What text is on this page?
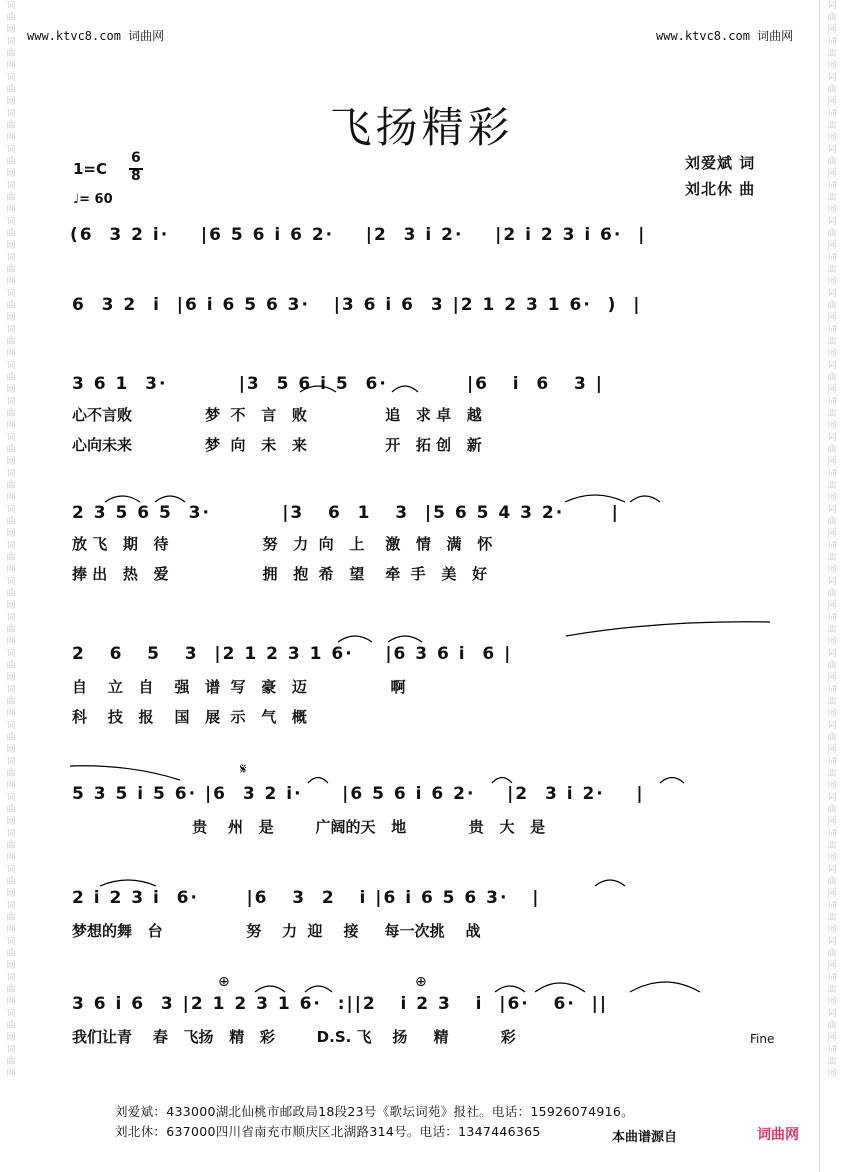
词曲网词曲网词曲网词曲网词曲网词曲网词曲网词曲网词曲网词曲网词曲网词曲网词曲网词曲网词曲网词曲网词曲网词曲网词曲网词曲网词曲网词曲网词曲网词曲网词曲网词曲网词曲网词曲网词曲网词曲网
词曲网词曲网词曲网词曲网词曲网词曲网词曲网词曲网词曲网词曲网词曲网词曲网词曲网词曲网词曲网词曲网词曲网词曲网词曲网词曲网词曲网词曲网词曲网词曲网词曲网词曲网词曲网词曲网词曲网词曲网
www.ktvc8.com 词曲网	www.ktvc8.com 词曲网
飞扬精彩
1=C
6
8
♩= 60
刘爱斌 词
刘北休 曲
(6  3 2 i·    |6 5 6 i 6 2·    |2  3 i 2·    |2 i 2 3 i 6·  |
6  3 2  i  |6 i 6 5 6 3·   |3 6 i 6  3 |2 1 2 3 1 6·  )  |
3 6 1  3·         |3  5 6 i 5  6·          |6   i  6   3 |
心不言败              梦  不   言   败               追   求 卓   越
心向未来              梦  向   未   来               开   拓 创   新
2 3 5 6 5  3·         |3   6  1   3  |5 6 5 4 3 2·      |
放 飞   期   待                  努   力  向   上    激   情   满   怀
捧 出   热   爱                  拥   抱  希   望    牵  手   美   好
2   6   5   3  |2 1 2 3 1 6·    |6 3 6 i  6 |
自    立   自    强   谱  写   豪   迈                啊
科    技   报    国   展  示   气   概
5 3 5 i 5 6· |6  3 2 i·     |6 5 6 i 6 2·    |2  3 i 2·    |
贵    州   是        广阔的天   地            贵   大   是
2 i 2 3 i  6·      |6   3  2   i |6 i 6 5 6 3·   |
梦想的舞   台                努    力  迎    接     每一次挑    战
3 6 i 6  3 |2 1 2 3 1 6·  :||2   i 2 3   i  |6·   6·  ||
我们让青    春   飞扬   精   彩        D.S. 飞    扬     精          彩	Fine
𝄋
⊕	⊕
刘爱斌：433000湖北仙桃市邮政局18段23号《歌坛词苑》报社。电话：15926074916。
刘北休：637000四川省南充市顺庆区北湖路314号。电话：1347446365	本曲谱源自	词曲网
